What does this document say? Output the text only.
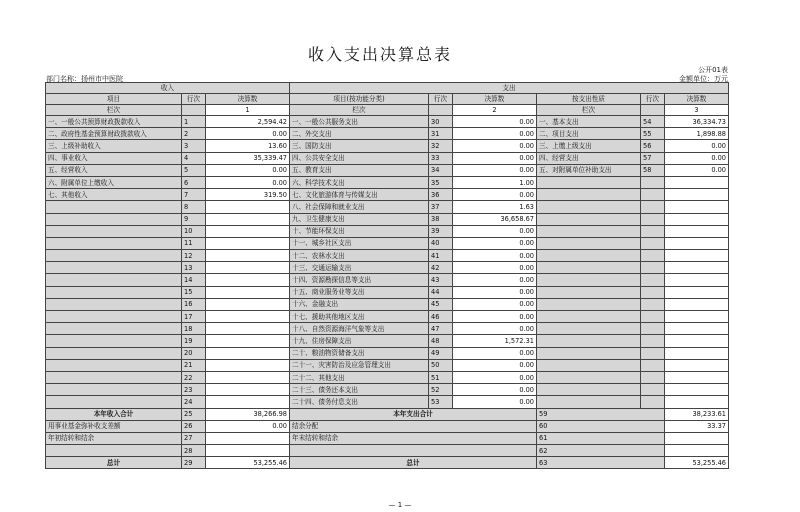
收入支出决算总表
公开01表
部门名称：扬州市中医院	金额单位：万元
收入			支出					
项目	行次	决算数	项目(按功能分类)	行次	决算数	按支出性质	行次	决算数
栏次		1	栏次		2	栏次		3
一、一般公共预算财政拨款收入	1	2,594.42	一、一般公共服务支出	30	0.00	一、基本支出	54	36,334.73
二、政府性基金预算财政拨款收入	2	0.00	二、外交支出	31	0.00	二、项目支出	55	1,898.88
三、上级补助收入	3	13.60	三、国防支出	32	0.00	三、上缴上级支出	56	0.00
四、事业收入	4	35,339.47	四、公共安全支出	33	0.00	四、经营支出	57	0.00
五、经营收入	5	0.00	五、教育支出	34	0.00	五、对附属单位补助支出	58	0.00
六、附属单位上缴收入	6	0.00	六、科学技术支出	35	1.00			
七、其他收入	7	319.50	七、文化旅游体育与传媒支出	36	0.00			
	8		八、社会保障和就业支出	37	1.63			
	9		九、卫生健康支出	38	36,658.67			
	10		十、节能环保支出	39	0.00			
	11		十一、城乡社区支出	40	0.00			
	12		十二、农林水支出	41	0.00			
	13		十三、交通运输支出	42	0.00			
	14		十四、资源勘探信息等支出	43	0.00			
	15		十五、商业服务业等支出	44	0.00			
	16		十六、金融支出	45	0.00			
	17		十七、援助其他地区支出	46	0.00			
	18		十八、自然资源海洋气象等支出	47	0.00			
	19		十九、住房保障支出	48	1,572.31			
	20		二十、粮油物资储备支出	49	0.00			
	21		二十一、灾害防治及应急管理支出	50	0.00			
	22		二十二、其他支出	51	0.00			
	23		二十三、债务还本支出	52	0.00			
	24		二十四、债务付息支出	53	0.00			
本年收入合计	25	38,266.98	本年支出合计			59		38,233.61
用事业基金弥补收支差额	26	0.00	结余分配			60		33.37
年初结转和结余	27		年末结转和结余			61		
	28					62		
总计	29	53,255.46	总计			63		53,255.46
— 1 —
